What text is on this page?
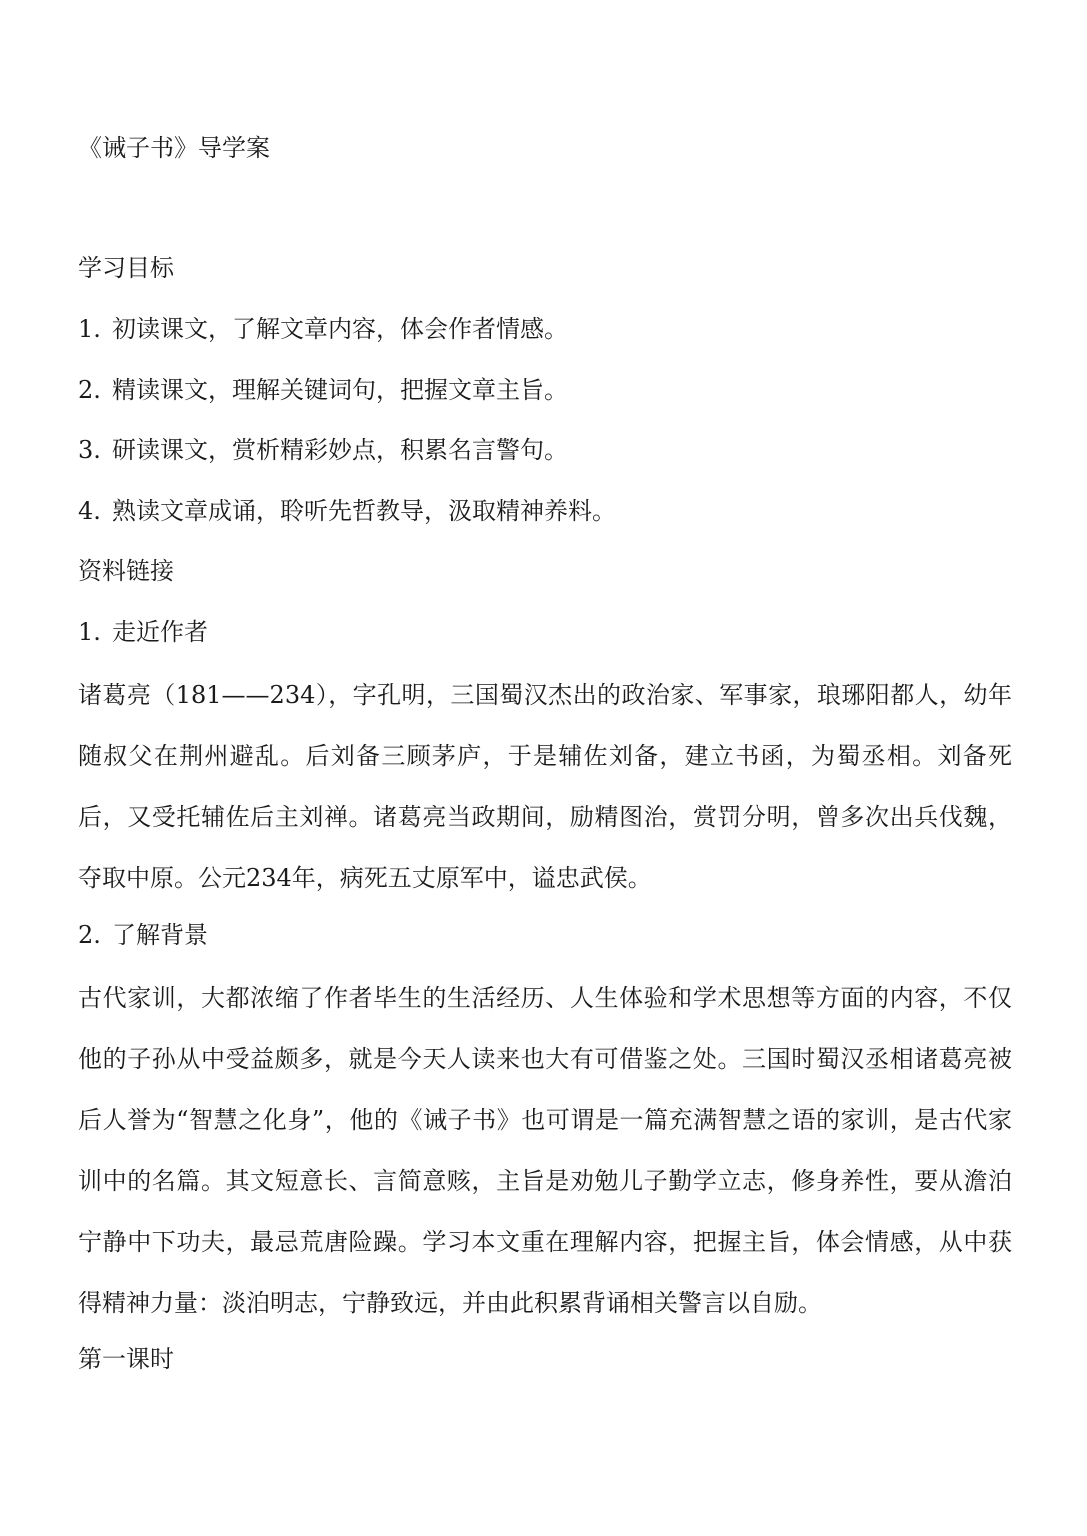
《诫子书》导学案

学习目标

1. 初读课文，了解文章内容，体会作者情感。

2. 精读课文，理解关键词句，把握文章主旨。

3. 研读课文，赏析精彩妙点，积累名言警句。

4. 熟读文章成诵，聆听先哲教导，汲取精神养料。

资料链接

1. 走近作者

诸葛亮（181——234），字孔明，三国蜀汉杰出的政治家、军事家，琅琊阳都人，幼年随叔父在荆州避乱。后刘备三顾茅庐，于是辅佐刘备，建立书函，为蜀丞相。刘备死后，又受托辅佐后主刘禅。诸葛亮当政期间，励精图治，赏罚分明，曾多次出兵伐魏，夺取中原。公元234年，病死五丈原军中，谥忠武侯。

2. 了解背景

古代家训，大都浓缩了作者毕生的生活经历、人生体验和学术思想等方面的内容，不仅他的子孙从中受益颇多，就是今天人读来也大有可借鉴之处。三国时蜀汉丞相诸葛亮被后人誉为“智慧之化身”，他的《诫子书》也可谓是一篇充满智慧之语的家训，是古代家训中的名篇。其文短意长、言简意赅，主旨是劝勉儿子勤学立志，修身养性，要从澹泊宁静中下功夫，最忌荒唐险躁。学习本文重在理解内容，把握主旨，体会情感，从中获得精神力量：淡泊明志，宁静致远，并由此积累背诵相关警言以自励。

第一课时
